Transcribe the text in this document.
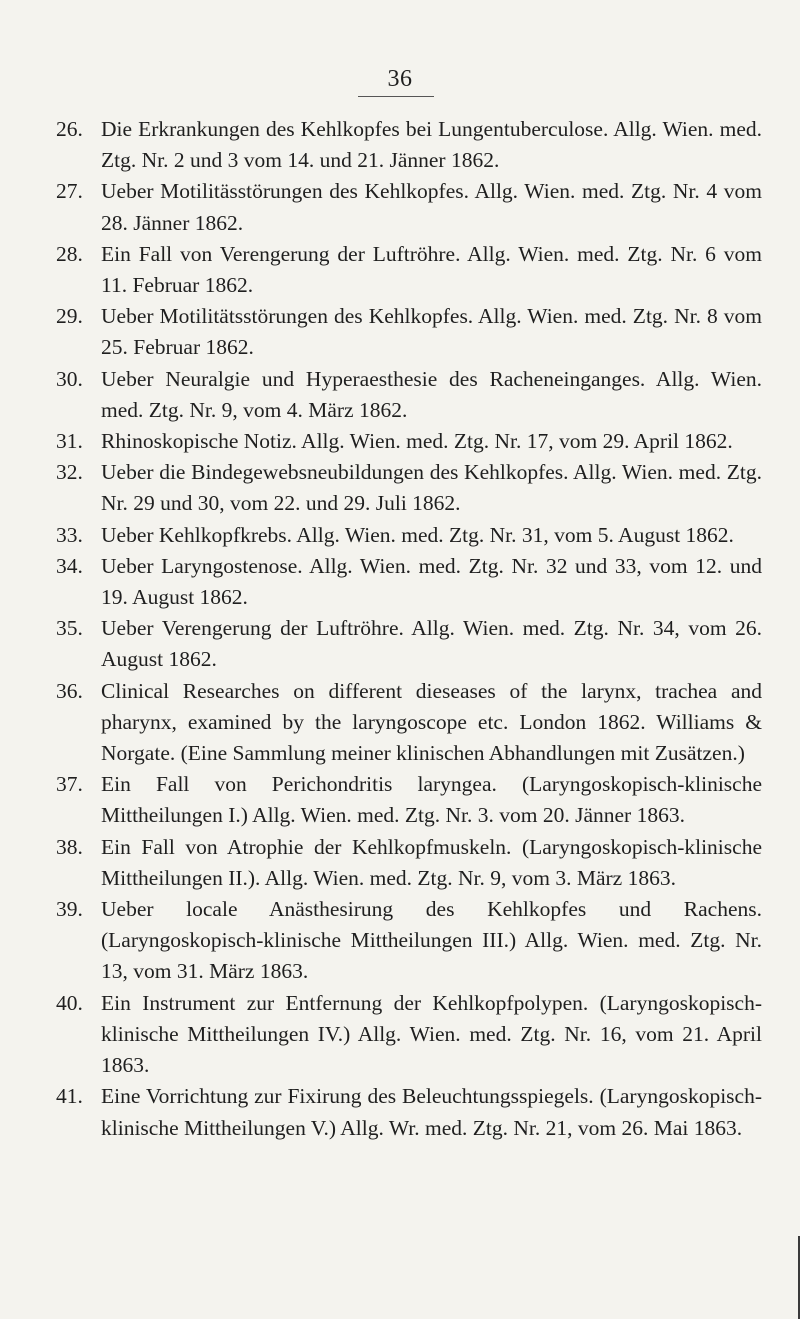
36
26. Die Erkrankungen des Kehlkopfes bei Lungentuberculose. Allg. Wien. med. Ztg. Nr. 2 und 3 vom 14. und 21. Jänner 1862.
27. Ueber Motilitässtörungen des Kehlkopfes. Allg. Wien. med. Ztg. Nr. 4 vom 28. Jänner 1862.
28. Ein Fall von Verengerung der Luftröhre. Allg. Wien. med. Ztg. Nr. 6 vom 11. Februar 1862.
29. Ueber Motilitätsstörungen des Kehlkopfes. Allg. Wien. med. Ztg. Nr. 8 vom 25. Februar 1862.
30. Ueber Neuralgie und Hyperaesthesie des Racheneinganges. Allg. Wien. med. Ztg. Nr. 9, vom 4. März 1862.
31. Rhinoskopische Notiz. Allg. Wien. med. Ztg. Nr. 17, vom 29. April 1862.
32. Ueber die Bindegewebsneubildungen des Kehlkopfes. Allg. Wien. med. Ztg. Nr. 29 und 30, vom 22. und 29. Juli 1862.
33. Ueber Kehlkopfkrebs. Allg. Wien. med. Ztg. Nr. 31, vom 5. August 1862.
34. Ueber Laryngostenose. Allg. Wien. med. Ztg. Nr. 32 und 33, vom 12. und 19. August 1862.
35. Ueber Verengerung der Luftröhre. Allg. Wien. med. Ztg. Nr. 34, vom 26. August 1862.
36. Clinical Researches on different dieseases of the larynx, trachea and pharynx, examined by the laryngoscope etc. London 1862. Williams & Norgate. (Eine Sammlung meiner klinischen Abhandlungen mit Zusätzen.)
37. Ein Fall von Perichondritis laryngea. (Laryngoskopisch-klinische Mittheilungen I.) Allg. Wien. med. Ztg. Nr. 3. vom 20. Jänner 1863.
38. Ein Fall von Atrophie der Kehlkopfmuskeln. (Laryngoskopisch-klinische Mittheilungen II.). Allg. Wien. med. Ztg. Nr. 9, vom 3. März 1863.
39. Ueber locale Anästhesirung des Kehlkopfes und Rachens. (Laryngoskopisch-klinische Mittheilungen III.) Allg. Wien. med. Ztg. Nr. 13, vom 31. März 1863.
40. Ein Instrument zur Entfernung der Kehlkopfpolypen. (Laryngoskopisch-klinische Mittheilungen IV.) Allg. Wien. med. Ztg. Nr. 16, vom 21. April 1863.
41. Eine Vorrichtung zur Fixirung des Beleuchtungsspiegels. (Laryngoskopisch-klinische Mittheilungen V.) Allg. Wr. med. Ztg. Nr. 21, vom 26. Mai 1863.
